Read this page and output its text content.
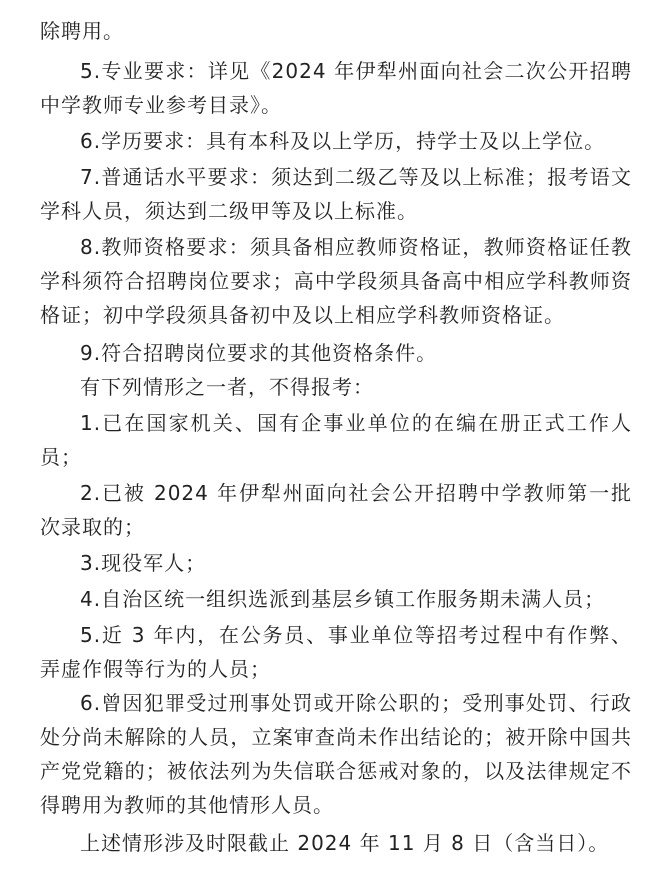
除聘用。

5.专业要求：详见《2024 年伊犁州面向社会二次公开招聘中学教师专业参考目录》。

6.学历要求：具有本科及以上学历，持学士及以上学位。

7.普通话水平要求：须达到二级乙等及以上标准；报考语文学科人员，须达到二级甲等及以上标准。

8.教师资格要求：须具备相应教师资格证，教师资格证任教学科须符合招聘岗位要求；高中学段须具备高中相应学科教师资格证；初中学段须具备初中及以上相应学科教师资格证。

9.符合招聘岗位要求的其他资格条件。

有下列情形之一者，不得报考：

1.已在国家机关、国有企事业单位的在编在册正式工作人员；

2.已被 2024 年伊犁州面向社会公开招聘中学教师第一批次录取的；

3.现役军人；

4.自治区统一组织选派到基层乡镇工作服务期未满人员；

5.近 3 年内，在公务员、事业单位等招考过程中有作弊、弄虚作假等行为的人员；

6.曾因犯罪受过刑事处罚或开除公职的；受刑事处罚、行政处分尚未解除的人员，立案审查尚未作出结论的；被开除中国共产党党籍的；被依法列为失信联合惩戒对象的，以及法律规定不得聘用为教师的其他情形人员。

上述情形涉及时限截止 2024 年 11 月 8 日（含当日）。
